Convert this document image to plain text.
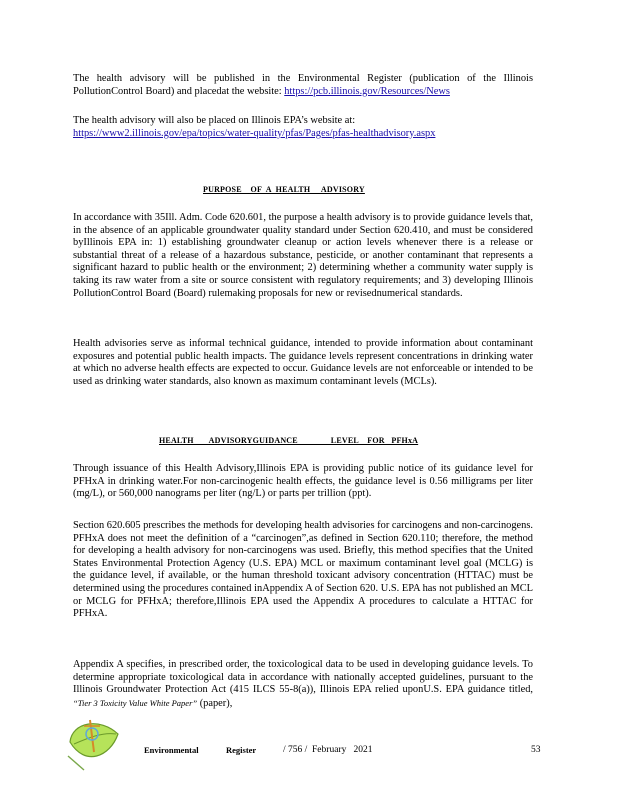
The health advisory will be published in the Environmental Register (publication of the Illinois PollutionControl Board) and placedat the website: https://pcb.illinois.gov/Resources/News

The health advisory will also be placed on Illinois EPA’s website at:
https://www2.illinois.gov/epa/topics/water-quality/pfas/Pages/pfas-healthadvisory.aspx

PURPOSE    OF  A  HEALTH     ADVISORY

In accordance with 35Ill. Adm. Code 620.601, the purpose a health advisory is to provide guidance levels that, in the absence of an applicable groundwater quality standard under Section 620.410, and must be considered byIllinois EPA in: 1) establishing groundwater cleanup or action levels whenever there is a release or substantial threat of a release of a hazardous substance, pesticide, or another contaminant that represents a significant hazard to public health or the environment; 2) determining whether a community water supply is taking its raw water from a site or source consistent with regulatory requirements; and 3) developing Illinois PollutionControl Board (Board) rulemaking proposals for new or revisednumerical standards.

Health advisories serve as informal technical guidance, intended to provide information about contaminant exposures and potential public health impacts. The guidance levels represent concentrations in drinking water at which no adverse health effects are expected to occur. Guidance levels are not enforceable or intended to be used as drinking water standards, also known as maximum contaminant levels (MCLs).

HEALTH       ADVISORYGUIDANCE               LEVEL    FOR   PFHxA

Through issuance of this Health Advisory,Illinois EPA is providing public notice of its guidance level for PFHxA in drinking water.For non-carcinogenic health effects, the guidance level is 0.56 milligrams per liter (mg/L), or 560,000 nanograms per liter (ng/L) or parts per trillion (ppt).

Section 620.605 prescribes the methods for developing health advisories for carcinogens and non-carcinogens. PFHxA does not meet the definition of a “carcinogen”,as defined in Section 620.110; therefore, the method for developing a health advisory for non-carcinogens was used. Briefly, this method specifies that the United States Environmental Protection Agency (U.S. EPA) MCL or maximum contaminant level goal (MCLG) is the guidance level, if available, or the human threshold toxicant advisory concentration (HTTAC) must be determined using the procedures contained inAppendix A of Section 620. U.S. EPA has not published an MCL or MCLG for PFHxA; therefore,Illinois EPA used the Appendix A procedures to calculate a HTTAC for PFHxA.

Appendix A specifies, in prescribed order, the toxicological data to be used in developing guidance levels. To determine appropriate toxicological data in accordance with nationally accepted guidelines, pursuant to the Illinois Groundwater Protection Act (415 ILCS 55-8(a)), Illinois EPA relied uponU.S. EPA guidance titled, “Tier 3 Toxicity Value White Paper” (paper),

Environmental	Register	/ 756 /  February   2021	53
